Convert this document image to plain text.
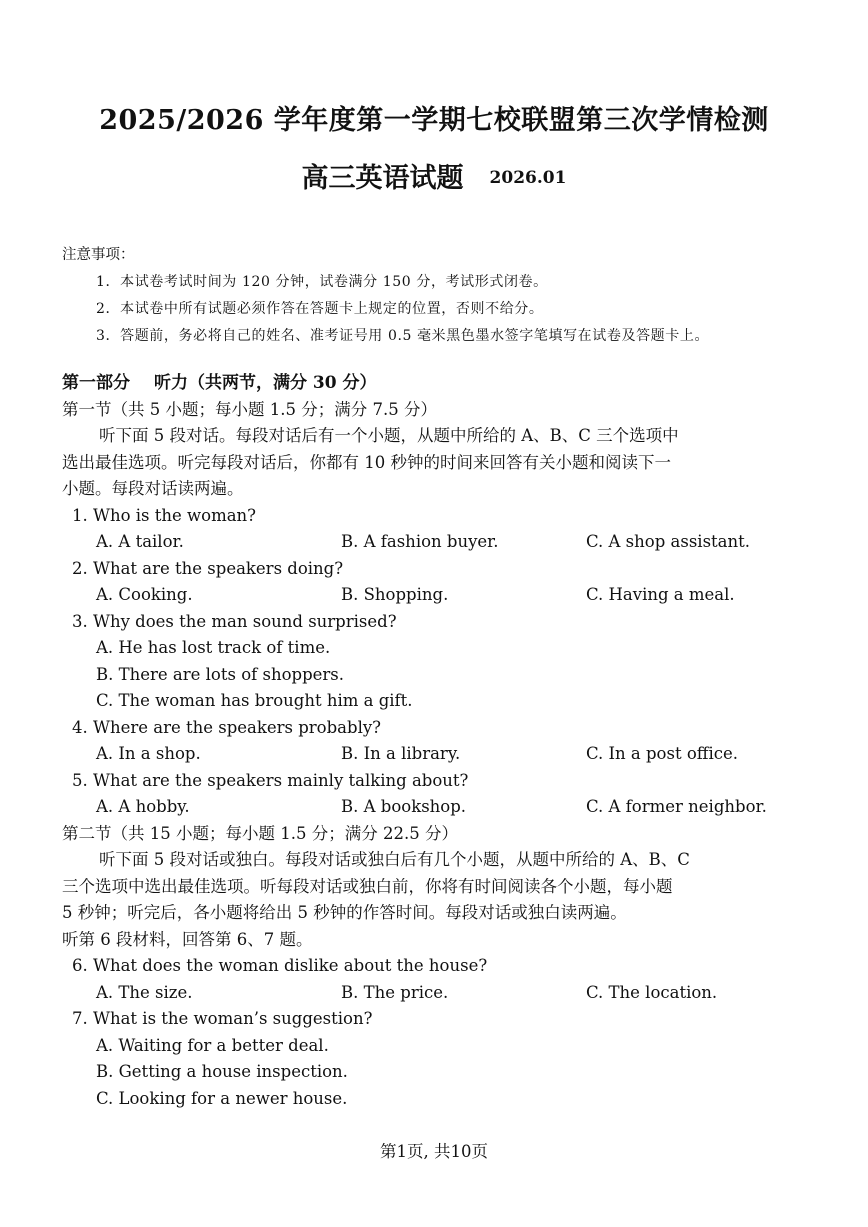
2025/2026 学年度第一学期七校联盟第三次学情检测
高三英语试题 2026.01
注意事项：
1．本试卷考试时间为 120 分钟，试卷满分 150 分，考试形式闭卷。
2．本试卷中所有试题必须作答在答题卡上规定的位置，否则不给分。
3．答题前，务必将自己的姓名、准考证号用 0.5 毫米黑色墨水签字笔填写在试卷及答题卡上。
第一部分 听力（共两节，满分 30 分）
第一节（共 5 小题；每小题 1.5 分；满分 7.5 分）
听下面 5 段对话。每段对话后有一个小题，从题中所给的 A、B、C 三个选项中
选出最佳选项。听完每段对话后，你都有 10 秒钟的时间来回答有关小题和阅读下一
小题。每段对话读两遍。
1. Who is the woman?
A. A tailor.	B. A fashion buyer.	C. A shop assistant.
2. What are the speakers doing?
A. Cooking.	B. Shopping.	C. Having a meal.
3. Why does the man sound surprised?
A. He has lost track of time.
B. There are lots of shoppers.
C. The woman has brought him a gift.
4. Where are the speakers probably?
A. In a shop.	B. In a library.	C. In a post office.
5. What are the speakers mainly talking about?
A. A hobby.	B. A bookshop.	C. A former neighbor.
第二节（共 15 小题；每小题 1.5 分；满分 22.5 分）
听下面 5 段对话或独白。每段对话或独白后有几个小题，从题中所给的 A、B、C
三个选项中选出最佳选项。听每段对话或独白前，你将有时间阅读各个小题，每小题
5 秒钟；听完后，各小题将给出 5 秒钟的作答时间。每段对话或独白读两遍。
听第 6 段材料，回答第 6、7 题。
6. What does the woman dislike about the house?
A. The size.	B. The price.	C. The location.
7. What is the woman’s suggestion?
A. Waiting for a better deal.
B. Getting a house inspection.
C. Looking for a newer house.
第1页, 共10页
